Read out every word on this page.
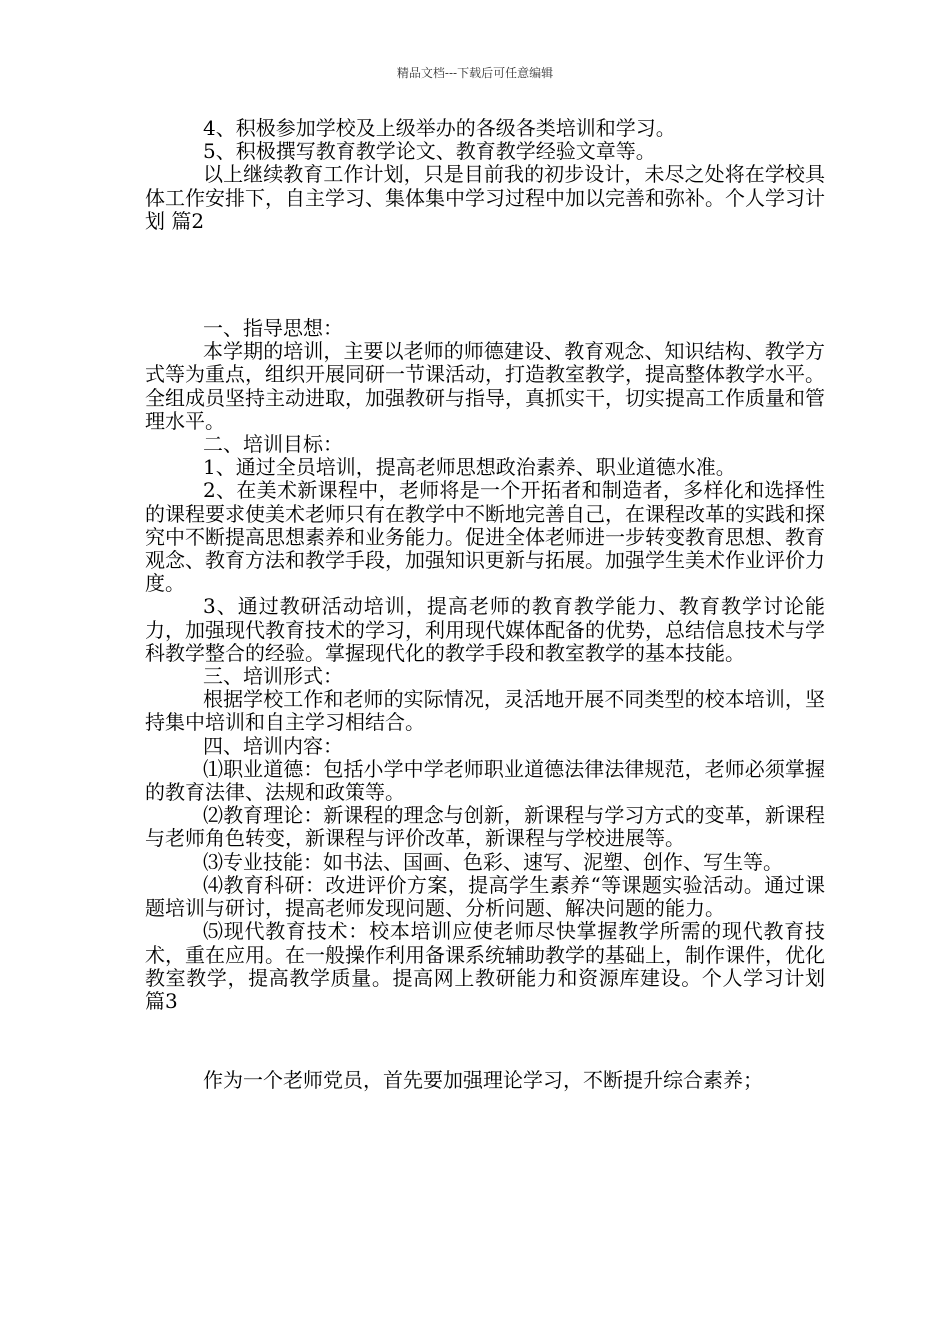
精品文档---下载后可任意编辑

4、积极参加学校及上级举办的各级各类培训和学习。

5、积极撰写教育教学论文、教育教学经验文章等。

以上继续教育工作计划，只是目前我的初步设计，未尽之处将在学校具体工作安排下，自主学习、集体集中学习过程中加以完善和弥补。个人学习计划 篇2

一、指导思想：

本学期的培训，主要以老师的师德建设、教育观念、知识结构、教学方式等为重点，组织开展同研一节课活动，打造教室教学，提高整体教学水平。全组成员坚持主动进取，加强教研与指导，真抓实干，切实提高工作质量和管理水平。

二、培训目标：

1、通过全员培训，提高老师思想政治素养、职业道德水准。

2、在美术新课程中，老师将是一个开拓者和制造者，多样化和选择性的课程要求使美术老师只有在教学中不断地完善自己，在课程改革的实践和探究中不断提高思想素养和业务能力。促进全体老师进一步转变教育思想、教育观念、教育方法和教学手段，加强知识更新与拓展。加强学生美术作业评价力度。

3、通过教研活动培训，提高老师的教育教学能力、教育教学讨论能力，加强现代教育技术的学习，利用现代媒体配备的优势，总结信息技术与学科教学整合的经验。掌握现代化的教学手段和教室教学的基本技能。

三、培训形式：

根据学校工作和老师的实际情况，灵活地开展不同类型的校本培训，坚持集中培训和自主学习相结合。

四、培训内容：

⑴职业道德：包括小学中学老师职业道德法律法律规范，老师必须掌握的教育法律、法规和政策等。

⑵教育理论：新课程的理念与创新，新课程与学习方式的变革，新课程与老师角色转变，新课程与评价改革，新课程与学校进展等。

⑶专业技能：如书法、国画、色彩、速写、泥塑、创作、写生等。

⑷教育科研：改进评价方案，提高学生素养“等课题实验活动。通过课题培训与研讨，提高老师发现问题、分析问题、解决问题的能力。

⑸现代教育技术：校本培训应使老师尽快掌握教学所需的现代教育技术，重在应用。在一般操作利用备课系统辅助教学的基础上，制作课件，优化教室教学，提高教学质量。提高网上教研能力和资源库建设。个人学习计划 篇3

作为一个老师党员，首先要加强理论学习，不断提升综合素养；
